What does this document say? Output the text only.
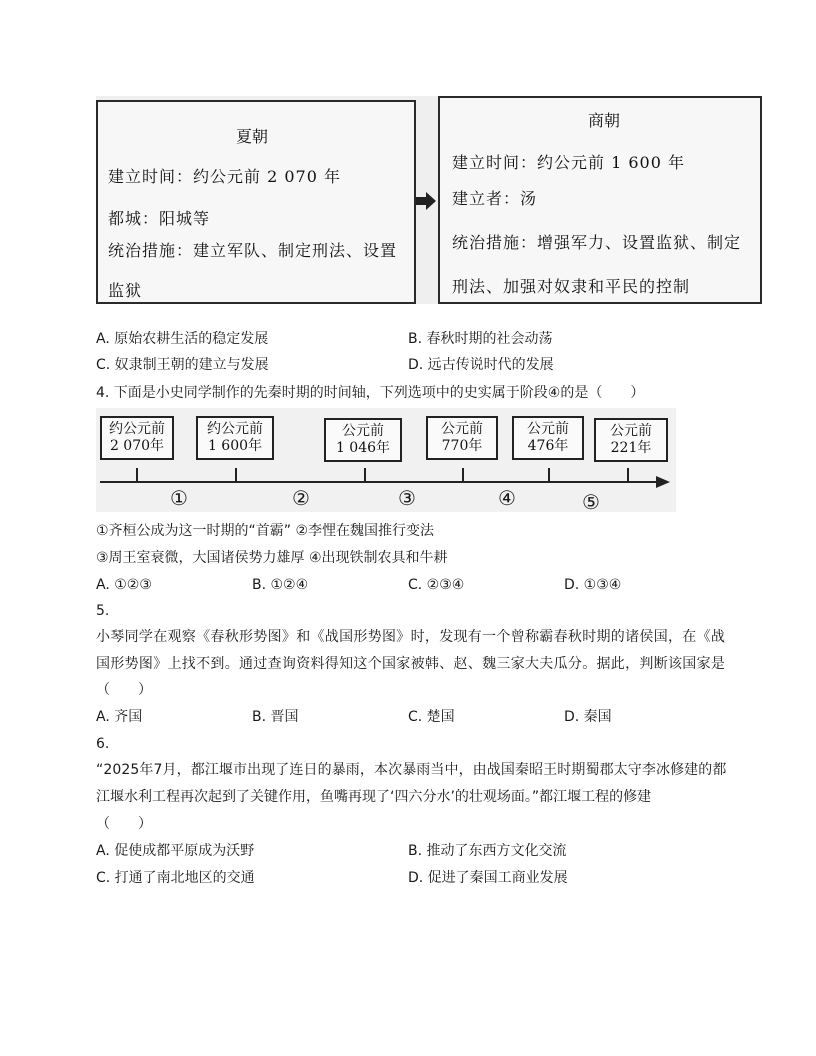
夏朝
建立时间：约公元前 2 070 年
都城：阳城等
统治措施：建立军队、制定刑法、设置
监狱
商朝
建立时间：约公元前 1 600 年
建立者：汤
统治措施：增强军力、设置监狱、制定
刑法、加强对奴隶和平民的控制
A. 原始农耕生活的稳定发展	B. 春秋时期的社会动荡
C. 奴隶制王朝的建立与发展	D. 远古传说时代的发展
4. 下面是小史同学制作的先秦时期的时间轴，下列选项中的史实属于阶段④的是（　　）
约公元前
2 070年
约公元前
1 600年
公元前
1 046年
公元前
770年
公元前
476年
公元前
221年
①	②	③	④	⑤
①齐桓公成为这一时期的“首霸” ②李悝在魏国推行变法
③周王室衰微，大国诸侯势力雄厚 ④出现铁制农具和牛耕
A. ①②③	B. ①②④	C. ②③④	D. ①③④
5.
小琴同学在观察《春秋形势图》和《战国形势图》时，发现有一个曾称霸春秋时期的诸侯国，在《战
国形势图》上找不到。通过查询资料得知这个国家被韩、赵、魏三家大夫瓜分。据此，判断该国家是
（　　）
A. 齐国	B. 晋国	C. 楚国	D. 秦国
6.
“2025年7月，都江堰市出现了连日的暴雨，本次暴雨当中，由战国秦昭王时期蜀郡太守李冰修建的都
江堰水利工程再次起到了关键作用，鱼嘴再现了‘四六分水’的壮观场面。”都江堰工程的修建
（　　）
A. 促使成都平原成为沃野	B. 推动了东西方文化交流
C. 打通了南北地区的交通	D. 促进了秦国工商业发展
